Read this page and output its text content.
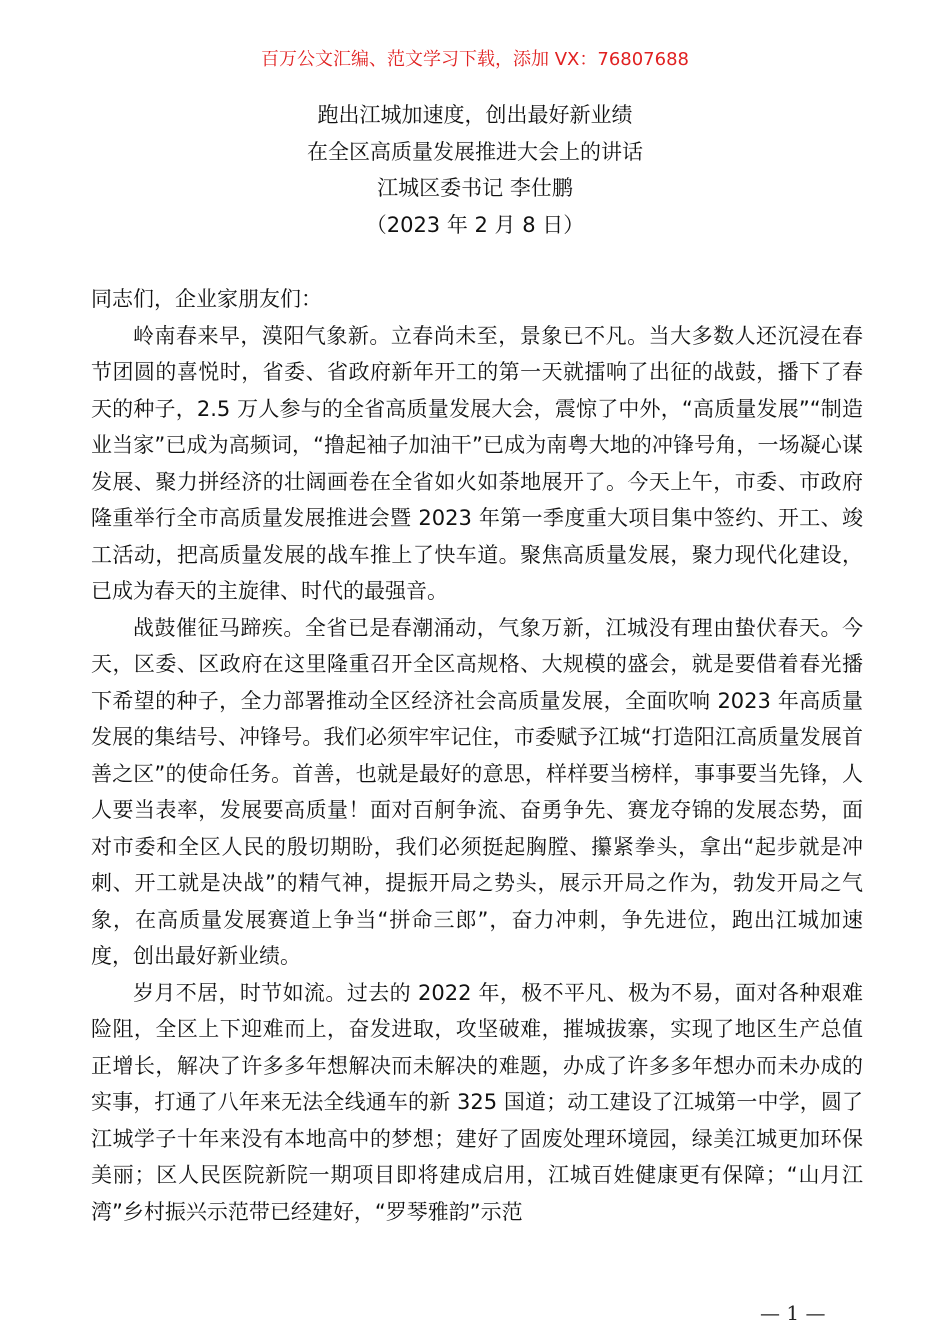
百万公文汇编、范文学习下载，添加 VX：76807688
跑出江城加速度，创出最好新业绩
在全区高质量发展推进大会上的讲话
江城区委书记 李仕鹏
（2023 年 2 月 8 日）

同志们，企业家朋友们：

岭南春来早，漠阳气象新。立春尚未至，景象已不凡。当大多数人还沉浸在春节团圆的喜悦时，省委、省政府新年开工的第一天就擂响了出征的战鼓，播下了春天的种子，2.5 万人参与的全省高质量发展大会，震惊了中外，“高质量发展”“制造业当家”已成为高频词，“撸起袖子加油干”已成为南粤大地的冲锋号角，一场凝心谋发展、聚力拼经济的壮阔画卷在全省如火如荼地展开了。今天上午，市委、市政府隆重举行全市高质量发展推进会暨 2023 年第一季度重大项目集中签约、开工、竣工活动，把高质量发展的战车推上了快车道。聚焦高质量发展，聚力现代化建设，已成为春天的主旋律、时代的最强音。

战鼓催征马蹄疾。全省已是春潮涌动，气象万新，江城没有理由蛰伏春天。今天，区委、区政府在这里隆重召开全区高规格、大规模的盛会，就是要借着春光播下希望的种子，全力部署推动全区经济社会高质量发展，全面吹响 2023 年高质量发展的集结号、冲锋号。我们必须牢牢记住，市委赋予江城“打造阳江高质量发展首善之区”的使命任务。首善，也就是最好的意思，样样要当榜样，事事要当先锋，人人要当表率，发展要高质量！面对百舸争流、奋勇争先、赛龙夺锦的发展态势，面对市委和全区人民的殷切期盼，我们必须挺起胸膛、攥紧拳头，拿出“起步就是冲刺、开工就是决战”的精气神，提振开局之势头，展示开局之作为，勃发开局之气象，在高质量发展赛道上争当“拼命三郎”，奋力冲刺，争先进位，跑出江城加速度，创出最好新业绩。

岁月不居，时节如流。过去的 2022 年，极不平凡、极为不易，面对各种艰难险阻，全区上下迎难而上，奋发进取，攻坚破难，摧城拔寨，实现了地区生产总值正增长，解决了许多多年想解决而未解决的难题，办成了许多多年想办而未办成的实事，打通了八年来无法全线通车的新 325 国道；动工建设了江城第一中学，圆了江城学子十年来没有本地高中的梦想；建好了固废处理环境园，绿美江城更加环保美丽；区人民医院新院一期项目即将建成启用，江城百姓健康更有保障；“山月江湾”乡村振兴示范带已经建好，“罗琴雅韵”示范

— 1 —
